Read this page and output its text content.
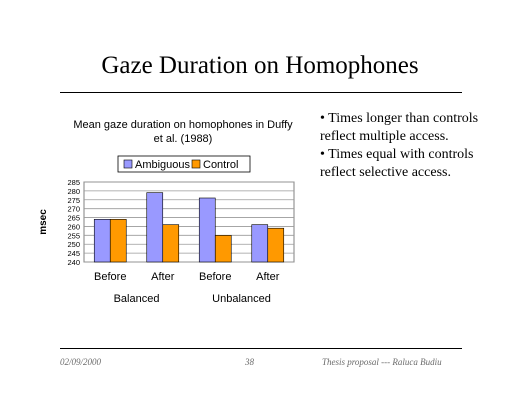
Gaze Duration on Homophones
Mean gaze duration on homophones in Duffy et al. (1988)
240
245
250
255
260
265
270
275
280
285
msec
Before After Before After
Balanced	Unbalanced
Ambiguous Control

• Times longer than controls reflect multiple access.

• Times equal with controls reflect selective access.

02/09/2000	38	Thesis proposal --- Raluca Budiu
